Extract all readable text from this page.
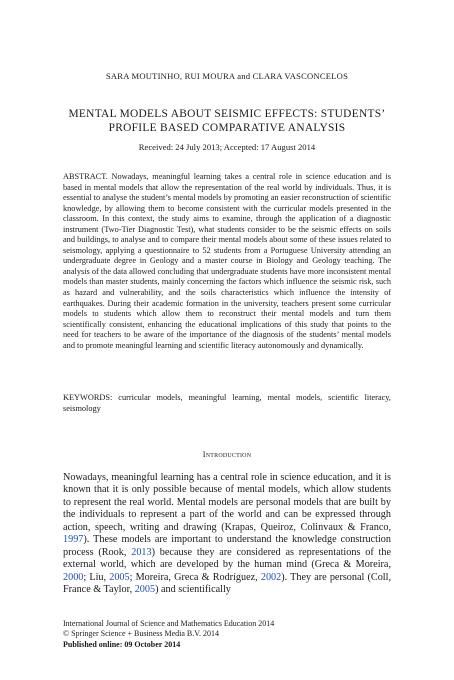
SARA MOUTINHO, RUI MOURA and CLARA VASCONCELOS
MENTAL MODELS ABOUT SEISMIC EFFECTS: STUDENTS’
PROFILE BASED COMPARATIVE ANALYSIS
Received: 24 July 2013; Accepted: 17 August 2014

ABSTRACT. Nowadays, meaningful learning takes a central role in science education and is based in mental models that allow the representation of the real world by individuals. Thus, it is essential to analyse the student’s mental models by promoting an easier reconstruction of scientific knowledge, by allowing them to become consistent with the curricular models presented in the classroom. In this context, the study aims to examine, through the application of a diagnostic instrument (Two-Tier Diagnostic Test), what students consider to be the seismic effects on soils and buildings, to analyse and to compare their mental models about some of these issues related to seismology, applying a questionnaire to 52 students from a Portuguese University attending an undergraduate degree in Geology and a master course in Biology and Geology teaching. The analysis of the data allowed concluding that undergraduate students have more inconsistent mental models than master students, mainly concerning the factors which influence the seismic risk, such as hazard and vulnerability, and the soils characteristics which influence the intensity of earthquakes. During their academic formation in the university, teachers present some curricular models to students which allow them to reconstruct their mental models and turn them scientifically consistent, enhancing the educational implications of this study that points to the need for teachers to be aware of the importance of the diagnosis of the students’ mental models and to promote meaningful learning and scientific literacy autonomously and dynamically.

KEYWORDS: curricular models, meaningful learning, mental models, scientific literacy, seismology

Introduction

Nowadays, meaningful learning has a central role in science education, and it is known that it is only possible because of mental models, which allow students to represent the real world. Mental models are personal models that are built by the individuals to represent a part of the world and can be expressed through action, speech, writing and drawing (Krapas, Queiroz, Colinvaux & Franco, 1997). These models are important to understand the knowledge construction process (Rook, 2013) because they are considered as representations of the external world, which are developed by the human mind (Greca & Moreira, 2000; Liu, 2005; Moreira, Greca & Rodríguez, 2002). They are personal (Coll, France & Taylor, 2005) and scientifically

International Journal of Science and Mathematics Education 2014
© Springer Science + Business Media B.V. 2014
Published online: 09 October 2014
